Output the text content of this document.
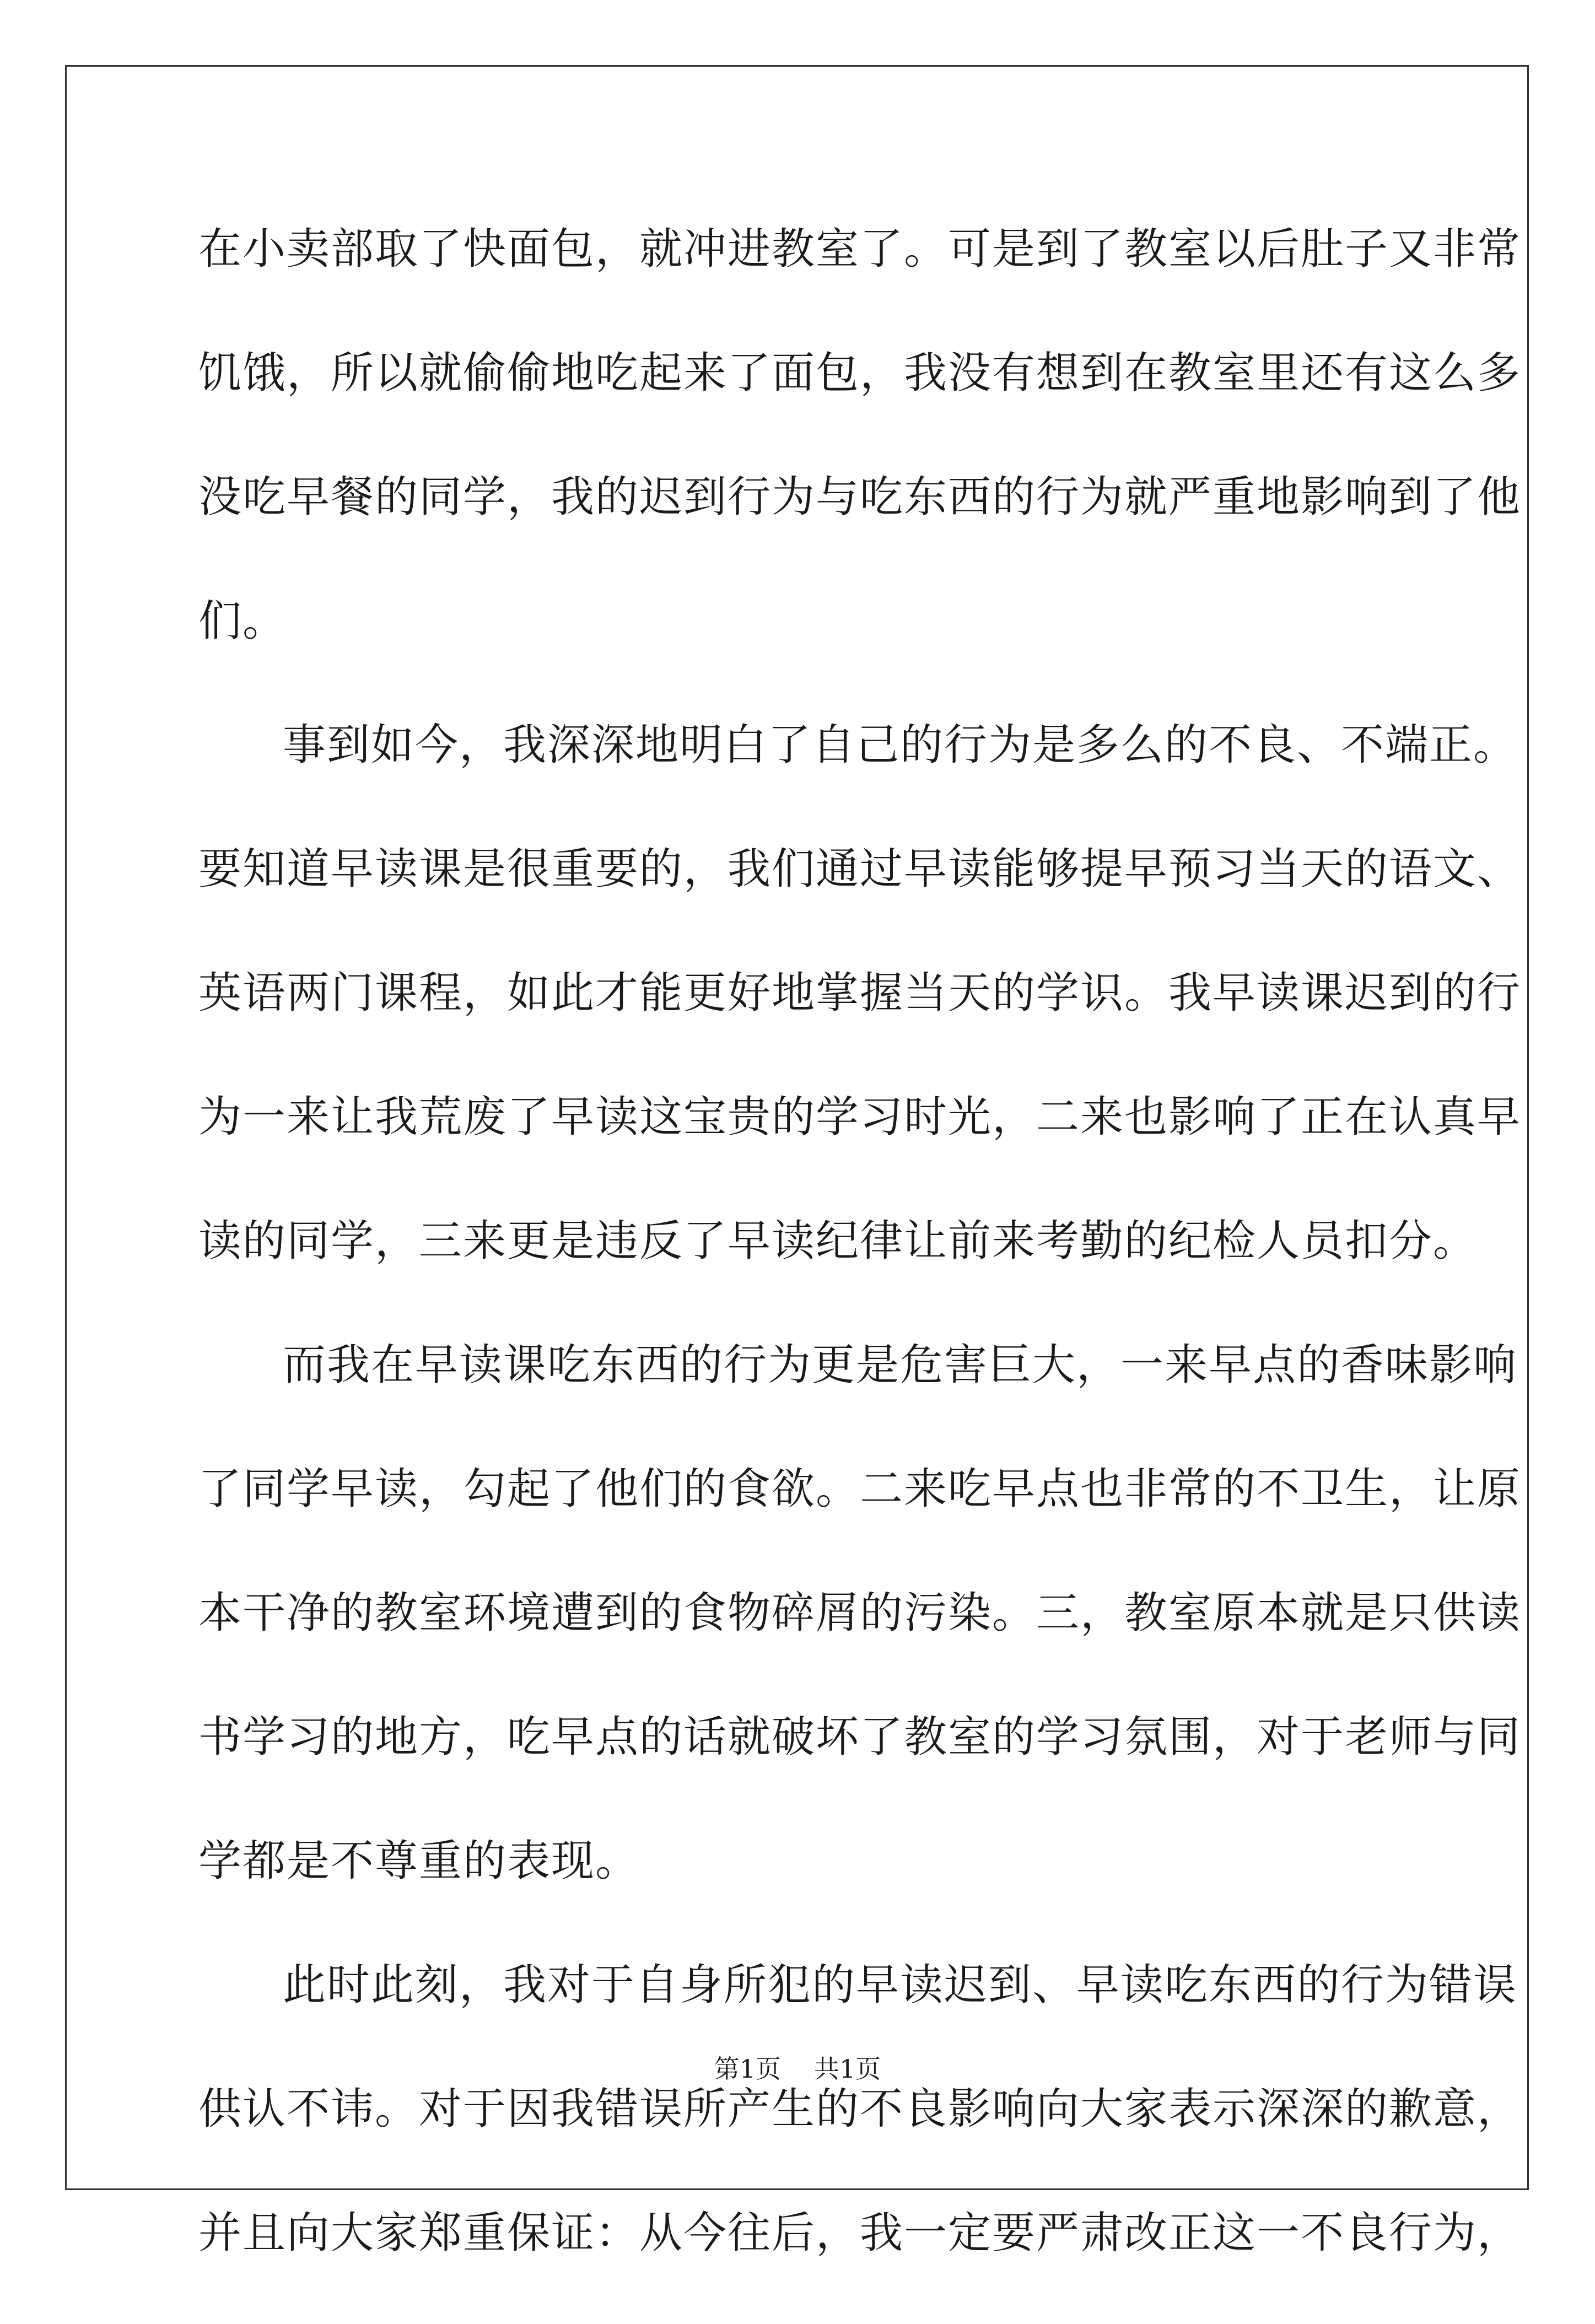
在小卖部取了快面包，就冲进教室了。可是到了教室以后肚子又非常
饥饿，所以就偷偷地吃起来了面包，我没有想到在教室里还有这么多
没吃早餐的同学，我的迟到行为与吃东西的行为就严重地影响到了他
们。
事到如今，我深深地明白了自己的行为是多么的不良、不端正。
要知道早读课是很重要的，我们通过早读能够提早预习当天的语文、
英语两门课程，如此才能更好地掌握当天的学识。我早读课迟到的行
为一来让我荒废了早读这宝贵的学习时光，二来也影响了正在认真早
读的同学，三来更是违反了早读纪律让前来考勤的纪检人员扣分。
而我在早读课吃东西的行为更是危害巨大，一来早点的香味影响
了同学早读，勾起了他们的食欲。二来吃早点也非常的不卫生，让原
本干净的教室环境遭到的食物碎屑的污染。三，教室原本就是只供读
书学习的地方，吃早点的话就破坏了教室的学习氛围，对于老师与同
学都是不尊重的表现。
此时此刻，我对于自身所犯的早读迟到、早读吃东西的行为错误
供认不讳。对于因我错误所产生的不良影响向大家表示深深的歉意，
并且向大家郑重保证：从今往后，我一定要严肃改正这一不良行为，
第1页 共1页
